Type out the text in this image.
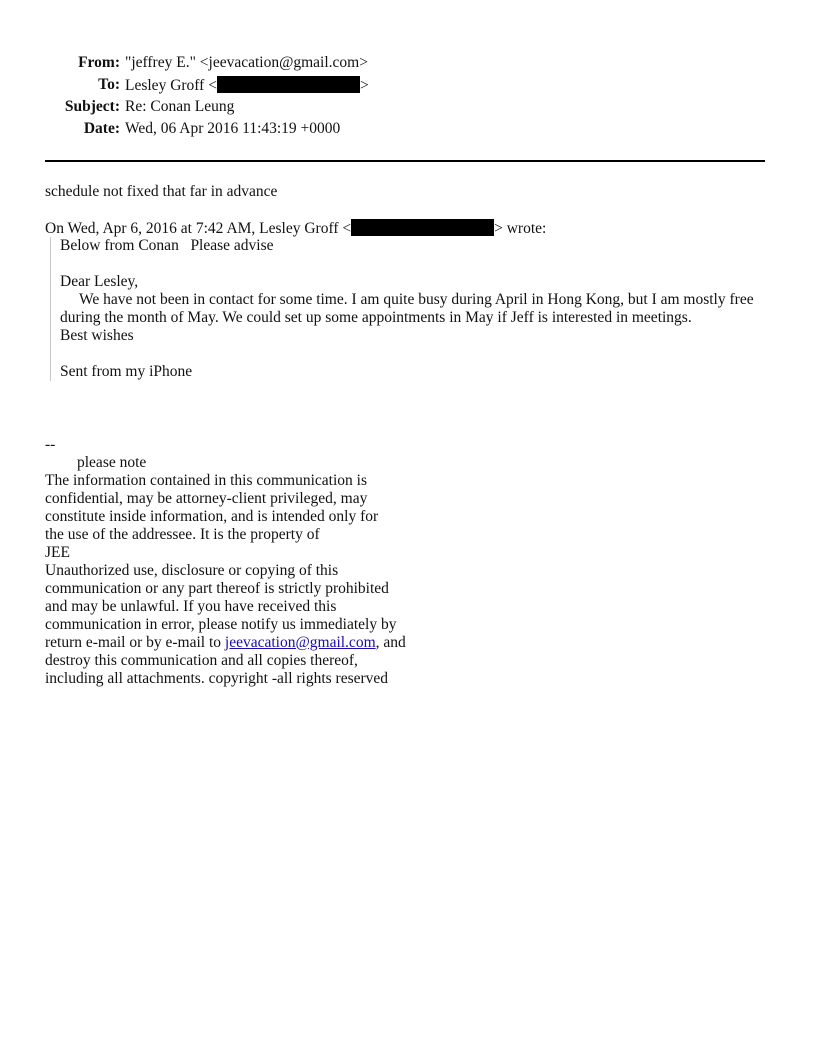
From: "jeffrey E." <jeevacation@gmail.com>
To: Lesley Groff <	>
Subject: Re: Conan Leung
Date: Wed, 06 Apr 2016 11:43:19 +0000
schedule not fixed that far in advance
On Wed, Apr 6, 2016 at 7:42 AM, Lesley Groff <	> wrote:

Below from Conan   Please advise

Dear Lesley,

We have not been in contact for some time. I am quite busy during April in Hong Kong, but I am mostly free during the month of May. We could set up some appointments in May if Jeff is interested in meetings.

Best wishes

Sent from my iPhone

--
please note
The information contained in this communication is
confidential, may be attorney-client privileged, may
constitute inside information, and is intended only for
the use of the addressee. It is the property of
JEE
Unauthorized use, disclosure or copying of this
communication or any part thereof is strictly prohibited
and may be unlawful. If you have received this
communication in error, please notify us immediately by
return e-mail or by e-mail to jeevacation@gmail.com, and
destroy this communication and all copies thereof,
including all attachments. copyright -all rights reserved
